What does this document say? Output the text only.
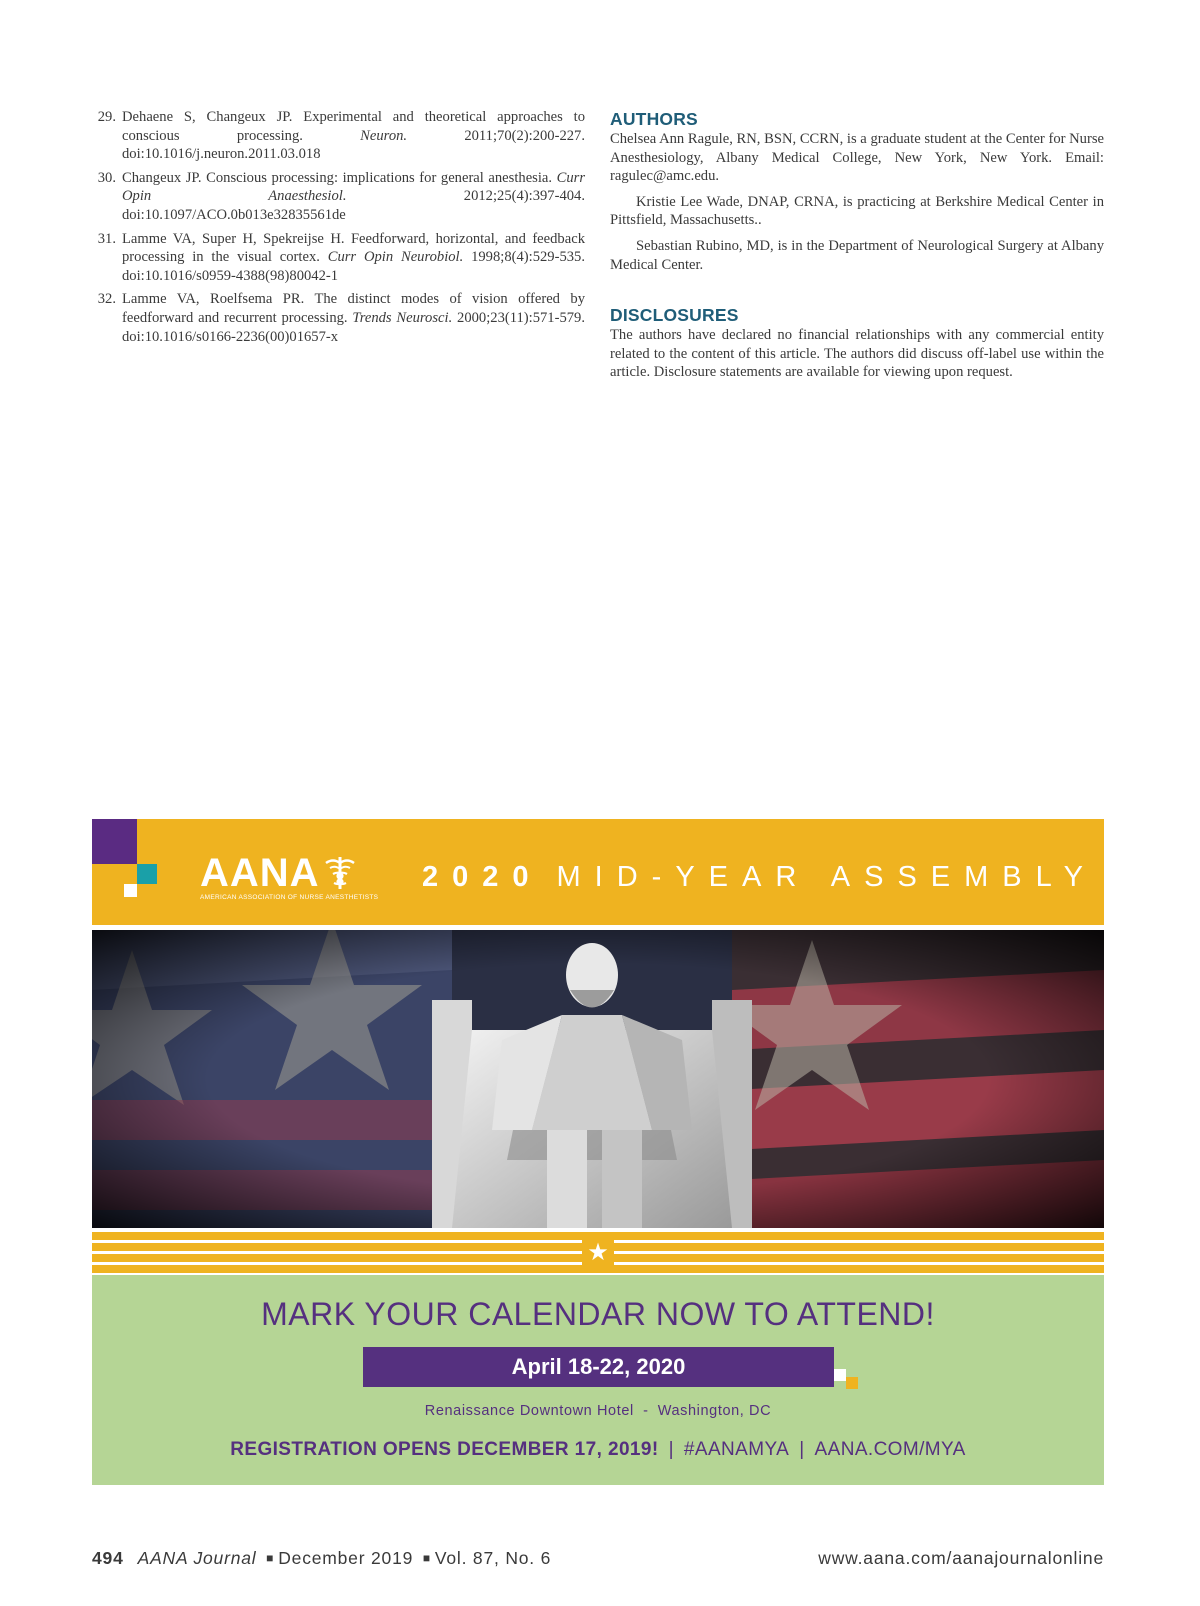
29. Dehaene S, Changeux JP. Experimental and theoretical approaches to conscious processing. Neuron. 2011;70(2):200-227. doi:10.1016/j.neuron.2011.03.018
30. Changeux JP. Conscious processing: implications for general anesthesia. Curr Opin Anaesthesiol. 2012;25(4):397-404. doi:10.1097/ACO.0b013e32835561de
31. Lamme VA, Super H, Spekreijse H. Feedforward, horizontal, and feedback processing in the visual cortex. Curr Opin Neurobiol. 1998;8(4):529-535. doi:10.1016/s0959-4388(98)80042-1
32. Lamme VA, Roelfsema PR. The distinct modes of vision offered by feedforward and recurrent processing. Trends Neurosci. 2000;23(11):571-579. doi:10.1016/s0166-2236(00)01657-x
AUTHORS

Chelsea Ann Ragule, RN, BSN, CCRN, is a graduate student at the Center for Nurse Anesthesiology, Albany Medical College, New York, New York. Email: ragulec@amc.edu.

Kristie Lee Wade, DNAP, CRNA, is practicing at Berkshire Medical Center in Pittsfield, Massachusetts..

Sebastian Rubino, MD, is in the Department of Neurological Surgery at Albany Medical Center.

DISCLOSURES

The authors have declared no financial relationships with any commercial entity related to the content of this article. The authors did discuss off-label use within the article. Disclosure statements are available for viewing upon request.

AANA
AMERICAN ASSOCIATION OF NURSE ANESTHETISTS
2020 MID-YEAR ASSEMBLY
★
MARK YOUR CALENDAR NOW TO ATTEND!
April 18-22, 2020
Renaissance Downtown Hotel  -  Washington, DC
REGISTRATION OPENS DECEMBER 17, 2019! | #AANAMYA | AANA.COM/MYA
494 AANA Journal ■ December 2019 ■ Vol. 87, No. 6	www.aana.com/aanajournalonline
